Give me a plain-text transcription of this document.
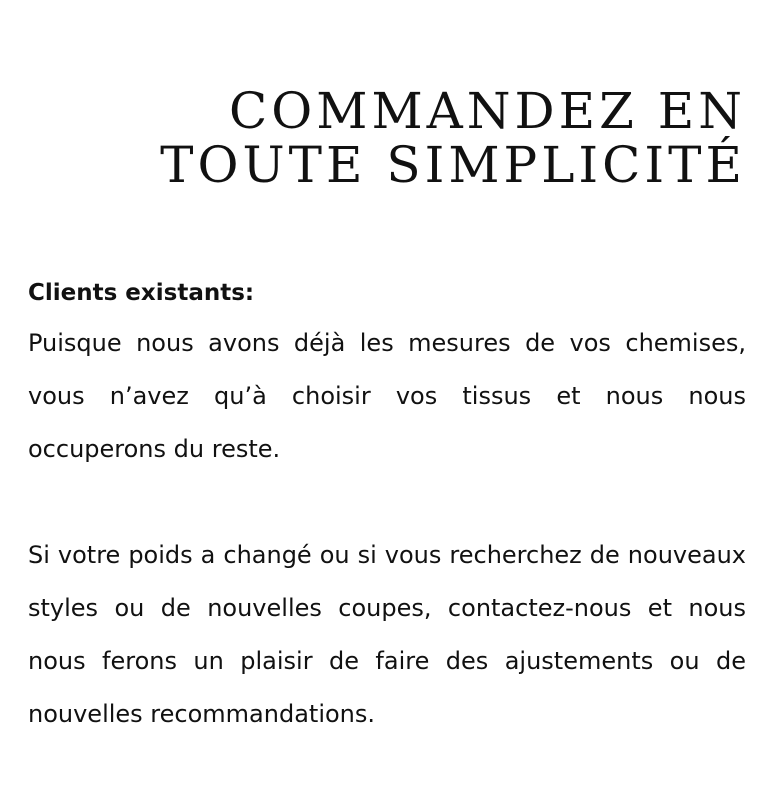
COMMANDEZ EN
TOUTE SIMPLICITÉ
Clients existants:

Puisque nous avons déjà les mesures de vos chemises, vous n’avez qu’à choisir vos tissus et nous nous occuperons du reste.

Si votre poids a changé ou si vous recherchez de nouveaux styles ou de nouvelles coupes, contactez-nous et nous nous ferons un plaisir de faire des ajustements ou de nouvelles recommandations.
